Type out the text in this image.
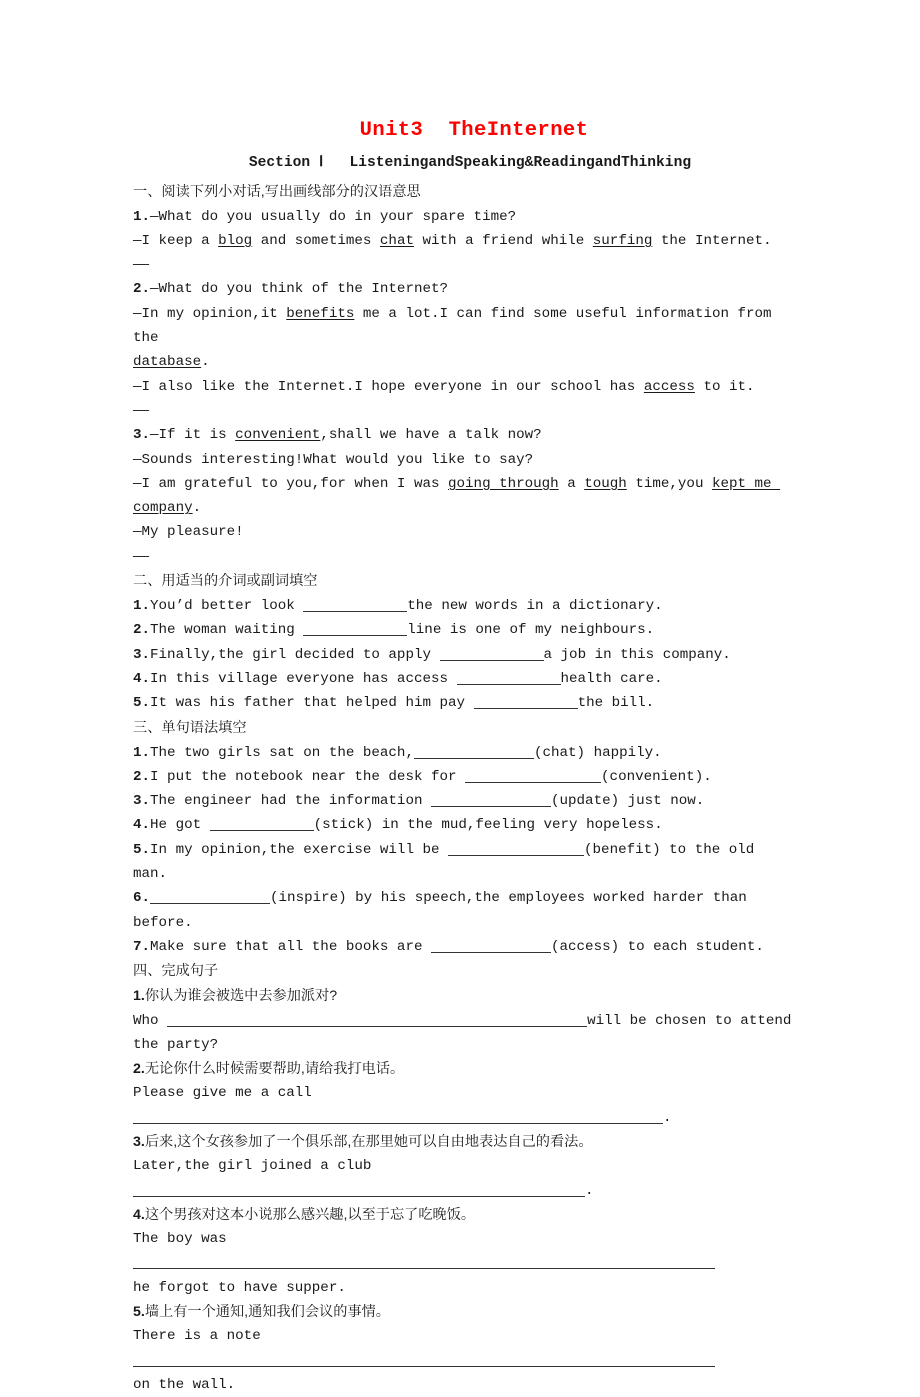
Unit3  TheInternet
Section Ⅰ   ListeningandSpeaking&ReadingandThinking
一、阅读下列小对话,写出画线部分的汉语意思
1.—What do you usually do in your spare time?
—I keep a blog and sometimes chat with a friend while surfing the Internet.
——
2.—What do you think of the Internet?
—In my opinion,it benefits me a lot.I can find some useful information from the
database.
—I also like the Internet.I hope everyone in our school has access to it.
——
3.—If it is convenient,shall we have a talk now?
—Sounds interesting!What would you like to say?
—I am grateful to you,for when I was going through a tough time,you kept me company.
—My pleasure!
——
二、用适当的介词或副词填空
1.You’d better look	the new words in a dictionary.
2.The woman waiting	line is one of my neighbours.
3.Finally,the girl decided to apply	a job in this company.
4.In this village everyone has access	health care.
5.It was his father that helped him pay	the bill.
三、单句语法填空
1.The two girls sat on the beach,	(chat) happily.
2.I put the notebook near the desk for	(convenient).
3.The engineer had the information	(update) just now.
4.He got	(stick) in the mud,feeling very hopeless.
5.In my opinion,the exercise will be	(benefit) to the old man.
6.	(inspire) by his speech,the employees worked harder than before.
7.Make sure that all the books are	(access) to each student.
四、完成句子
1.你认为谁会被选中去参加派对?
Who	will be chosen to attend the party?
2.无论你什么时候需要帮助,请给我打电话。
Please give me a call .
3.后来,这个女孩参加了一个俱乐部,在那里她可以自由地表达自己的看法。
Later,the girl joined a club .
4.这个男孩对这本小说那么感兴趣,以至于忘了吃晚饭。
The boy was
he forgot to have supper.
5.墙上有一个通知,通知我们会议的事情。
There is a note
on the wall.
